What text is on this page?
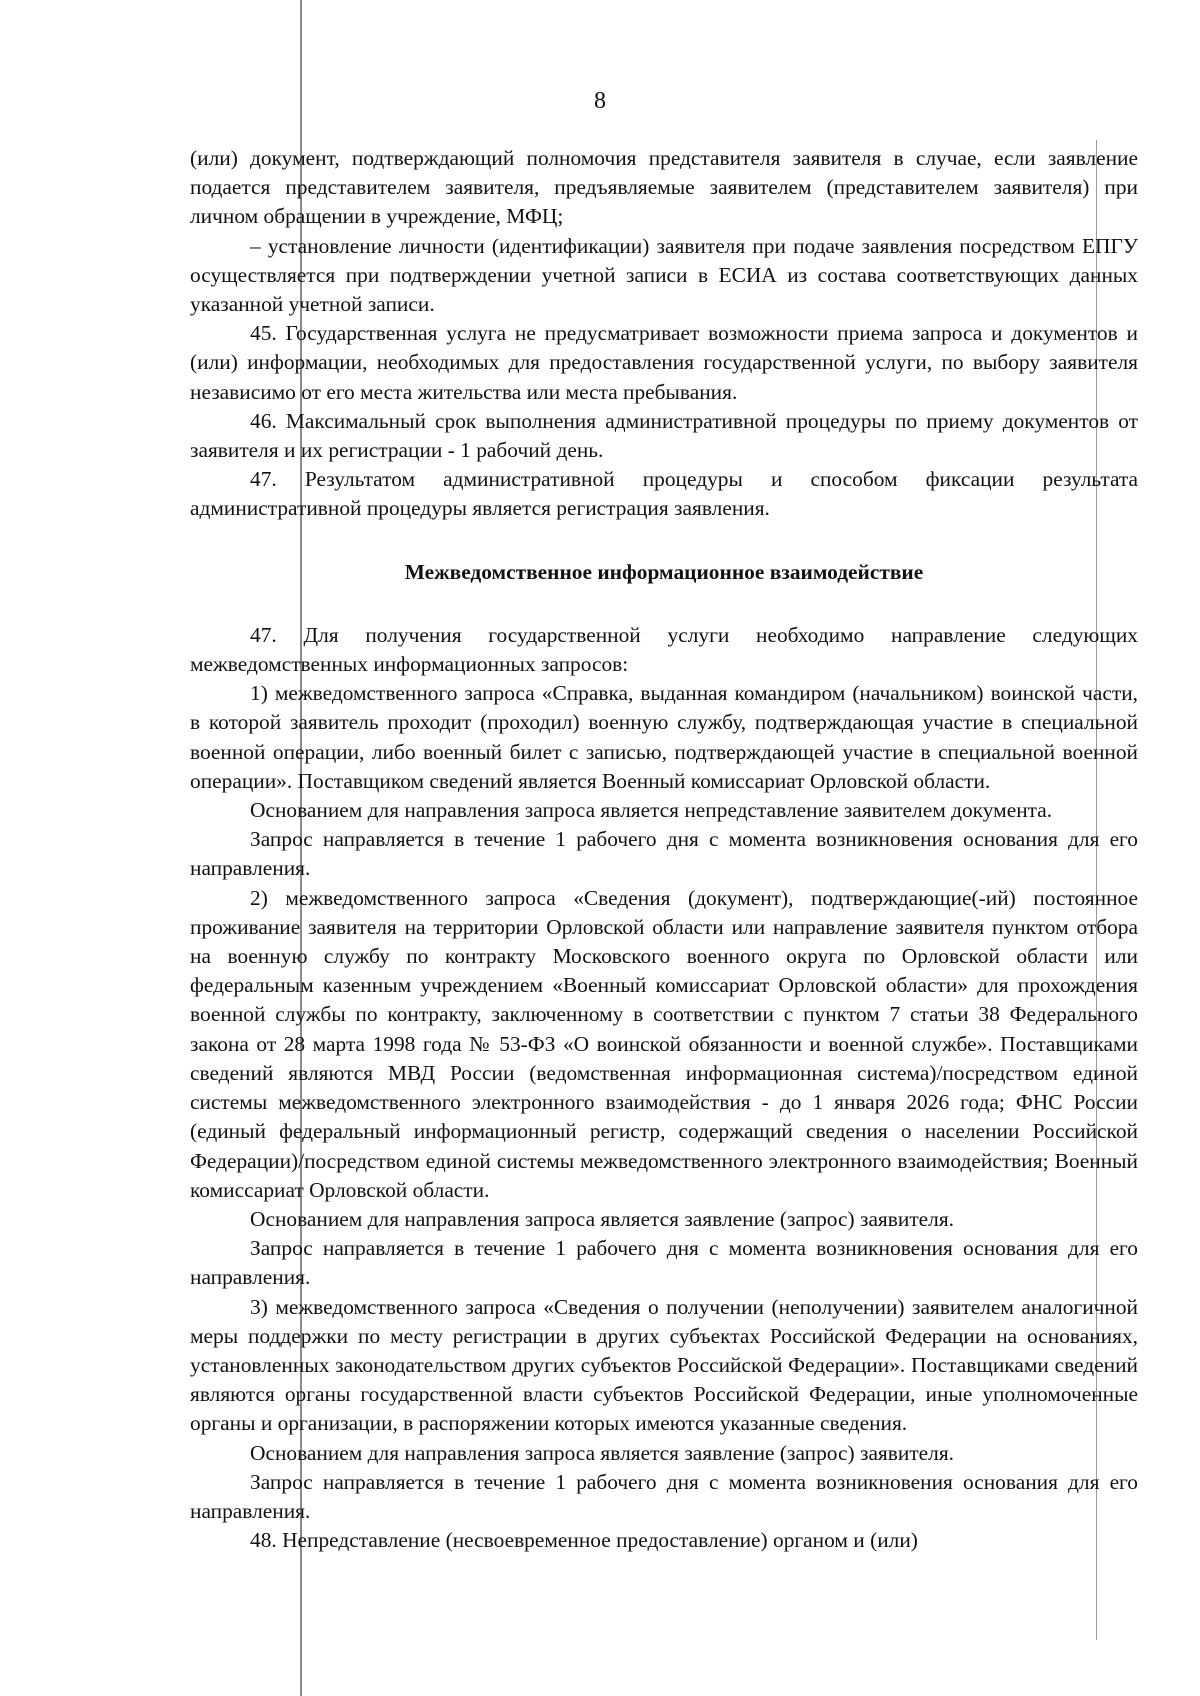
8

(или) документ, подтверждающий полномочия представителя заявителя в случае, если заявление подается представителем заявителя, предъявляемые заявителем (представителем заявителя) при личном обращении в учреждение, МФЦ;

– установление личности (идентификации) заявителя при подаче заявления посредством ЕПГУ осуществляется при подтверждении учетной записи в ЕСИА из состава соответствующих данных указанной учетной записи.

45. Государственная услуга не предусматривает возможности приема запроса и документов и (или) информации, необходимых для предоставления государственной услуги, по выбору заявителя независимо от его места жительства или места пребывания.

46. Максимальный срок выполнения административной процедуры по приему документов от заявителя и их регистрации - 1 рабочий день.

47. Результатом административной процедуры и способом фиксации результата административной процедуры является регистрация заявления.

Межведомственное информационное взаимодействие

47. Для получения государственной услуги необходимо направление следующих межведомственных информационных запросов:

1) межведомственного запроса «Справка, выданная командиром (начальником) воинской части, в которой заявитель проходит (проходил) военную службу, подтверждающая участие в специальной военной операции, либо военный билет с записью, подтверждающей участие в специальной военной операции». Поставщиком сведений является Военный комиссариат Орловской области.

Основанием для направления запроса является непредставление заявителем документа.

Запрос направляется в течение 1 рабочего дня с момента возникновения основания для его направления.

2) межведомственного запроса «Сведения (документ), подтверждающие(-ий) постоянное проживание заявителя на территории Орловской области или направление заявителя пунктом отбора на военную службу по контракту Московского военного округа по Орловской области или федеральным казенным учреждением «Военный комиссариат Орловской области» для прохождения военной службы по контракту, заключенному в соответствии с пунктом 7 статьи 38 Федерального закона от 28 марта 1998 года № 53-ФЗ «О воинской обязанности и военной службе». Поставщиками сведений являются МВД России (ведомственная информационная система)/посредством единой системы межведомственного электронного взаимодействия - до 1 января 2026 года; ФНС России (единый федеральный информационный регистр, содержащий сведения о населении Российской Федерации)/посредством единой системы межведомственного электронного взаимодействия; Военный комиссариат Орловской области.

Основанием для направления запроса является заявление (запрос) заявителя.

Запрос направляется в течение 1 рабочего дня с момента возникновения основания для его направления.

3) межведомственного запроса «Сведения о получении (неполучении) заявителем аналогичной меры поддержки по месту регистрации в других субъектах Российской Федерации на основаниях, установленных законодательством других субъектов Российской Федерации». Поставщиками сведений являются органы государственной власти субъектов Российской Федерации, иные уполномоченные органы и организации, в распоряжении которых имеются указанные сведения.

Основанием для направления запроса является заявление (запрос) заявителя.

Запрос направляется в течение 1 рабочего дня с момента возникновения основания для его направления.

48. Непредставление (несвоевременное предоставление) органом и (или)
